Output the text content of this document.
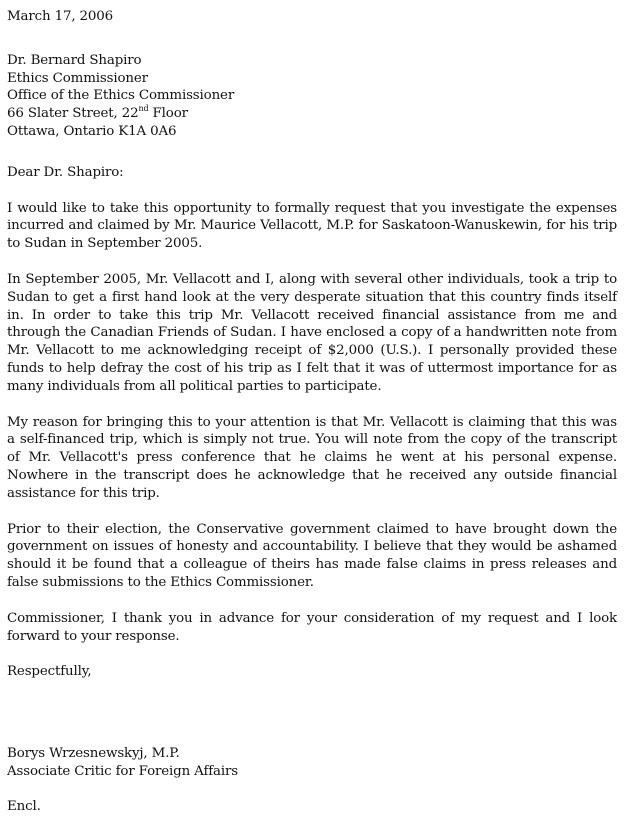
March 17, 2006
Dr. Bernard Shapiro
Ethics Commissioner
Office of the Ethics Commissioner
66 Slater Street, 22nd Floor
Ottawa, Ontario K1A 0A6
Dear Dr. Shapiro:

I would like to take this opportunity to formally request that you investigate the expenses incurred and claimed by Mr. Maurice Vellacott, M.P. for Saskatoon-Wanuskewin, for his trip to Sudan in September 2005.

In September 2005, Mr. Vellacott and I, along with several other individuals, took a trip to Sudan to get a first hand look at the very desperate situation that this country finds itself in. In order to take this trip Mr. Vellacott received financial assistance from me and through the Canadian Friends of Sudan. I have enclosed a copy of a handwritten note from Mr. Vellacott to me acknowledging receipt of $2,000 (U.S.). I personally provided these funds to help defray the cost of his trip as I felt that it was of uttermost importance for as many individuals from all political parties to participate.

My reason for bringing this to your attention is that Mr. Vellacott is claiming that this was a self-financed trip, which is simply not true. You will note from the copy of the transcript of Mr. Vellacott's press conference that he claims he went at his personal expense. Nowhere in the transcript does he acknowledge that he received any outside financial assistance for this trip.

Prior to their election, the Conservative government claimed to have brought down the government on issues of honesty and accountability. I believe that they would be ashamed should it be found that a colleague of theirs has made false claims in press releases and false submissions to the Ethics Commissioner.

Commissioner, I thank you in advance for your consideration of my request and I look forward to your response.

Respectfully,
Borys Wrzesnewskyj, M.P.
Associate Critic for Foreign Affairs
Encl.
